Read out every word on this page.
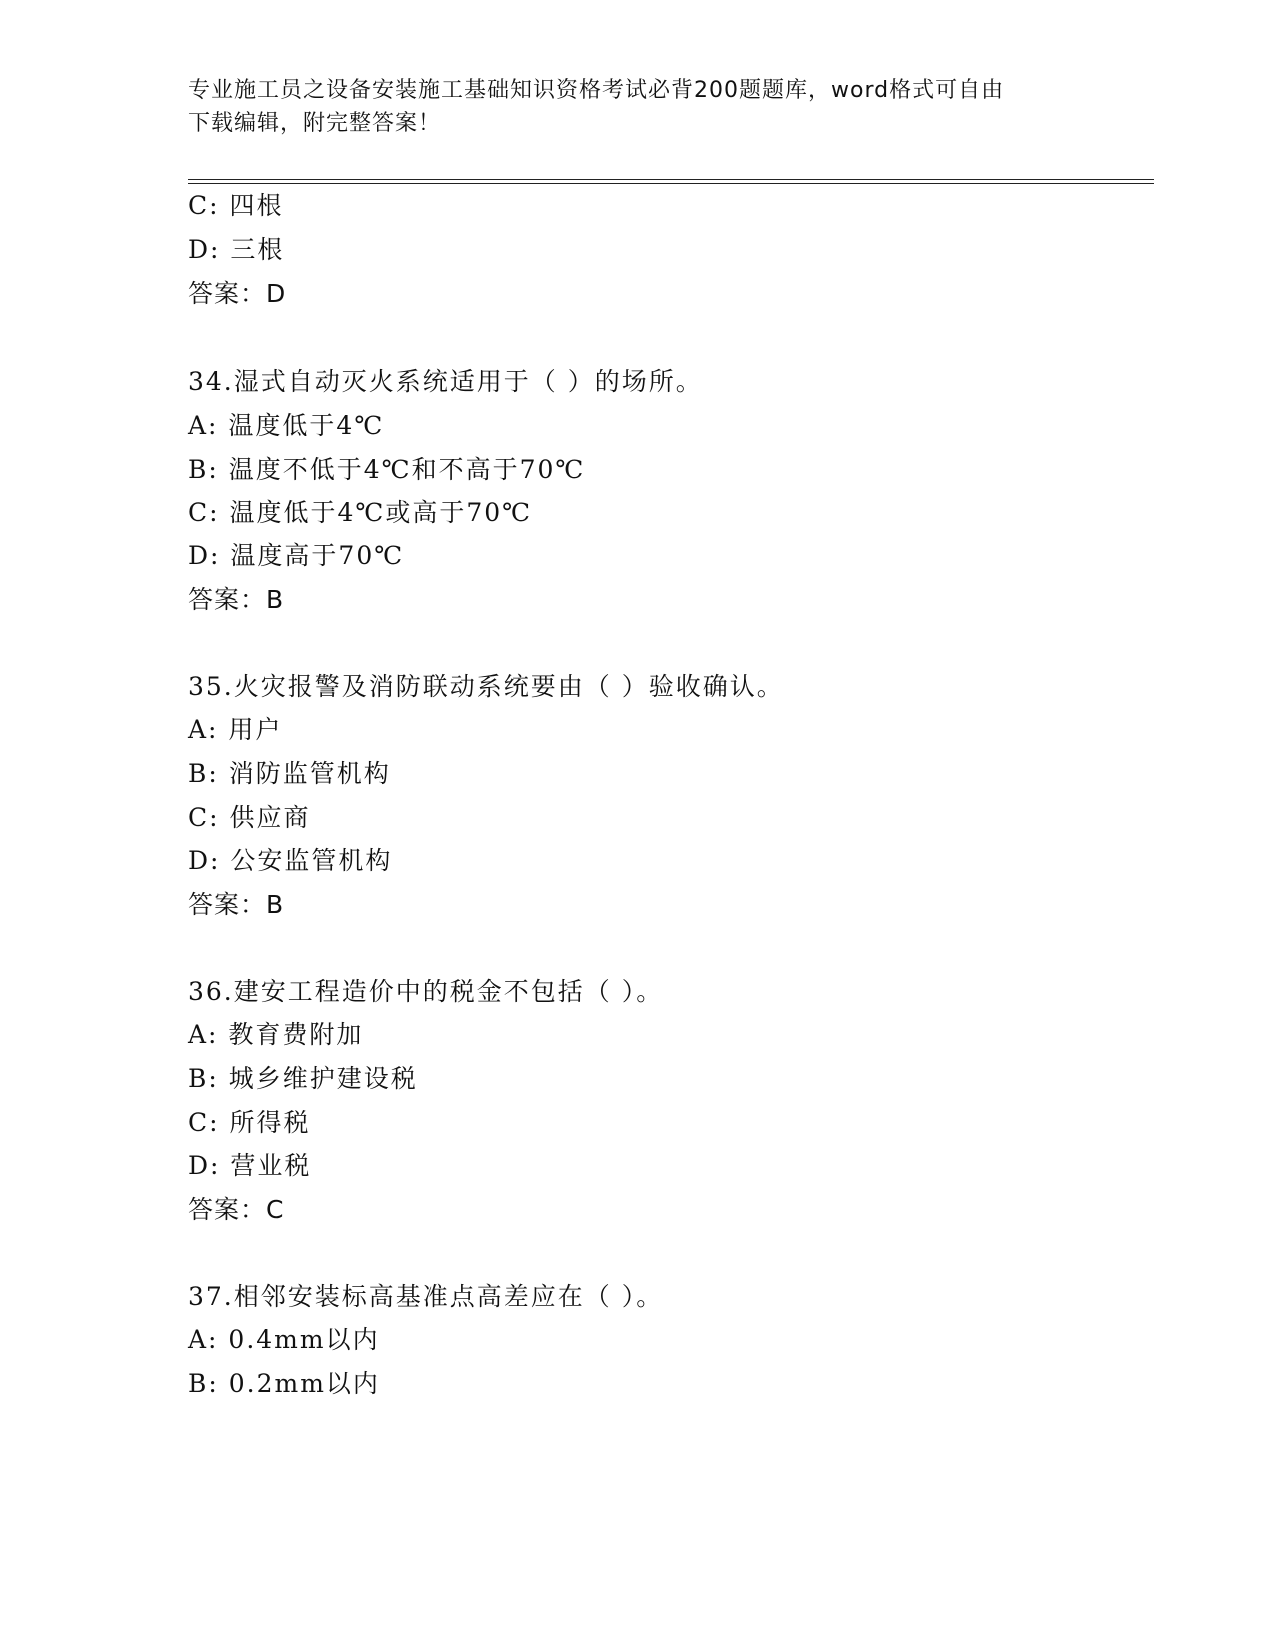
专业施工员之设备安装施工基础知识资格考试必背200题题库，word格式可自由
下载编辑，附完整答案！
C: 四根
D: 三根
答案：D
34.湿式自动灭火系统适用于（ ）的场所。
A: 温度低于4℃
B: 温度不低于4℃和不高于70℃
C: 温度低于4℃或高于70℃
D: 温度高于70℃
答案：B
35.火灾报警及消防联动系统要由（ ）验收确认。
A: 用户
B: 消防监管机构
C: 供应商
D: 公安监管机构
答案：B
36.建安工程造价中的税金不包括（ ）。
A: 教育费附加
B: 城乡维护建设税
C: 所得税
D: 营业税
答案：C
37.相邻安装标高基准点高差应在（ ）。
A: 0.4mm以内
B: 0.2mm以内
